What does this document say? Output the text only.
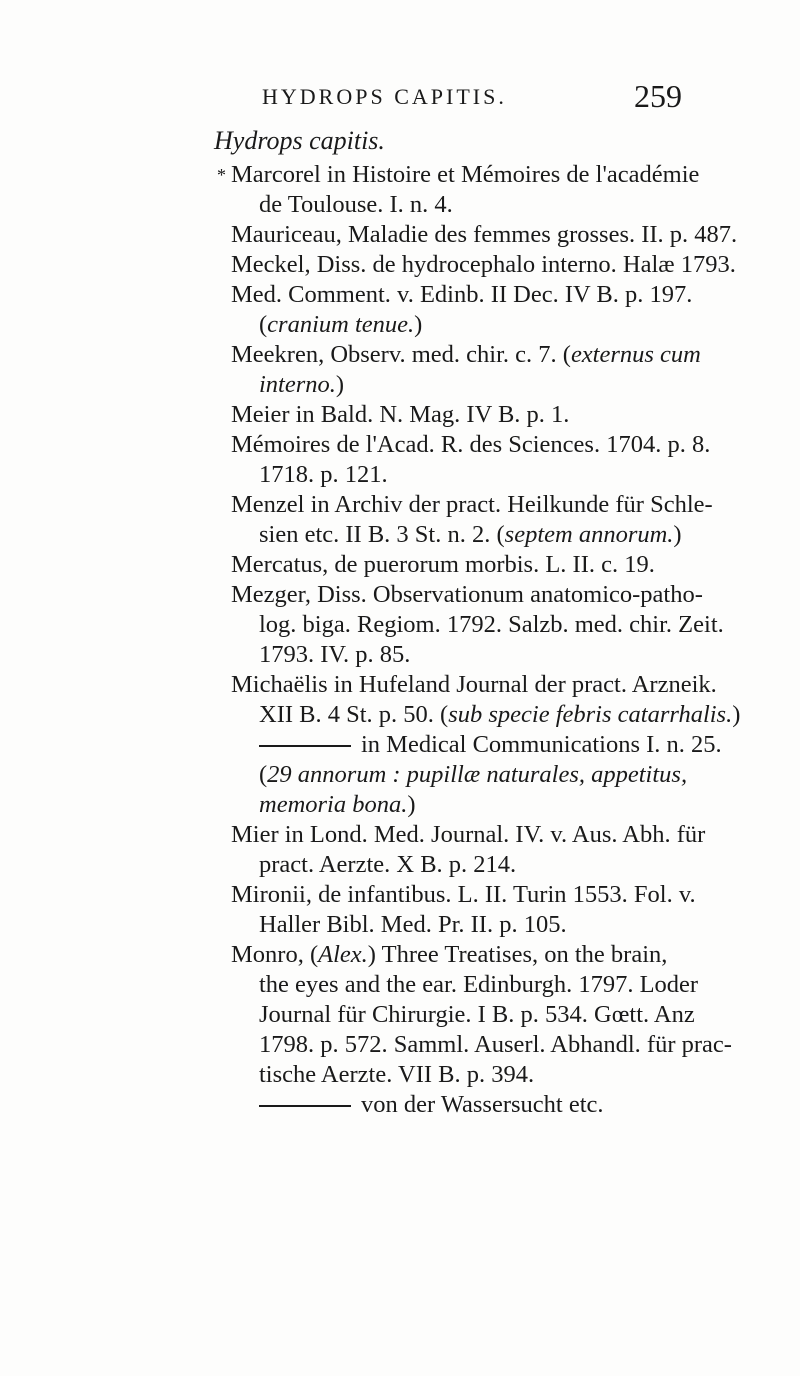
HYDROPS CAPITIS.	259
Hydrops capitis.
* Marcorel in Histoire et Mémoires de l'académie
de Toulouse. I. n. 4.
Mauriceau, Maladie des femmes grosses. II. p. 487.
Meckel, Diss. de hydrocephalo interno. Halæ 1793.
Med. Comment. v. Edinb. II Dec. IV B. p. 197.
(cranium tenue.)
Meekren, Observ. med. chir. c. 7. (externus cum
interno.)
Meier in Bald. N. Mag. IV B. p. 1.
Mémoires de l'Acad. R. des Sciences. 1704. p. 8.
1718. p. 121.
Menzel in Archiv der pract. Heilkunde für Schle-
sien etc. II B. 3 St. n. 2. (septem annorum.)
Mercatus, de puerorum morbis. L. II. c. 19.
Mezger, Diss. Observationum anatomico-patho-
log. biga. Regiom. 1792. Salzb. med. chir. Zeit.
1793. IV. p. 85.
Michaëlis in Hufeland Journal der pract. Arzneik.
XII B. 4 St. p. 50. (sub specie febris catarrhalis.)
in Medical Communications I. n. 25.
(29 annorum : pupillæ naturales, appetitus,
memoria bona.)
Mier in Lond. Med. Journal. IV. v. Aus. Abh. für
pract. Aerzte. X B. p. 214.
Mironii, de infantibus. L. II. Turin 1553. Fol. v.
Haller Bibl. Med. Pr. II. p. 105.
Monro, (Alex.) Three Treatises, on the brain,
the eyes and the ear. Edinburgh. 1797. Loder
Journal für Chirurgie. I B. p. 534. Gœtt. Anz
1798. p. 572. Samml. Auserl. Abhandl. für prac-
tische Aerzte. VII B. p. 394.
von der Wassersucht etc.
